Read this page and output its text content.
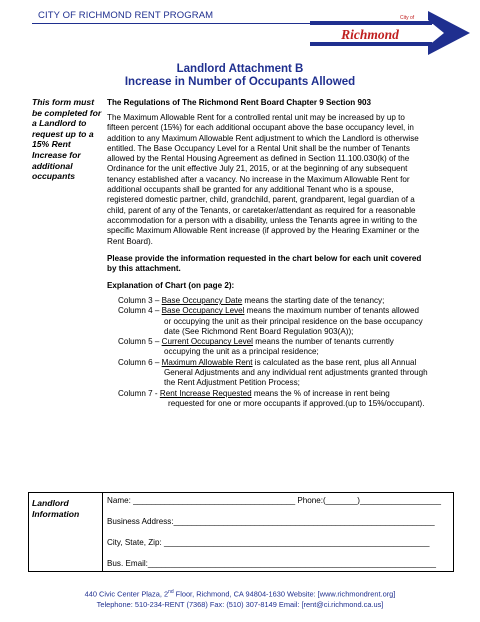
CITY OF RICHMOND RENT PROGRAM	City of
Richmond
Landlord Attachment B
Increase in Number of Occupants Allowed
This form must be completed for a Landlord to request up to a 15% Rent Increase for additional occupants
The Regulations of The Richmond Rent Board Chapter 9 Section 903
The Maximum Allowable Rent for a controlled rental unit may be increased by up to
fifteen percent (15%) for each additional occupant above the base occupancy level, in
addition to any Maximum Allowable Rent adjustment to which the Landlord is otherwise
entitled. The Base Occupancy Level for a Rental Unit shall be the number of Tenants
allowed by the Rental Housing Agreement as defined in Section 11.100.030(k) of the
Ordinance for the unit effective July 21, 2015, or at the beginning of any subsequent
tenancy established after a vacancy. No increase in the Maximum Allowable Rent for
additional occupants shall be granted for any additional Tenant who is a spouse,
registered domestic partner, child, grandchild, parent, grandparent, legal guardian of a
child, parent of any of the Tenants, or caretaker/attendant as required for a reasonable
accommodation for a person with a disability, unless the Tenants agree in writing to the
specific Maximum Allowable Rent increase (if approved by the Hearing Examiner or the
Rent Board).
Please provide the information requested in the chart below for each unit covered
by this attachment.
Explanation of Chart (on page 2):
Column 3 – Base Occupancy Date means the starting date of the tenancy;
Column 4 – Base Occupancy Level means the maximum number of tenants allowed
or occupying the unit as their principal residence on the base occupancy
date (See Richmond Rent Board Regulation 903(A));
Column 5 – Current Occupancy Level means the number of tenants currently
occupying the unit as a principal residence;
Column 6 – Maximum Allowable Rent is calculated as the base rent, plus all Annual
General Adjustments and any individual rent adjustments granted through
the Rent Adjustment Petition Process;
Column 7 - Rent Increase Requested means the % of increase in rent being
requested for one or more occupants if approved.(up to 15%/occupant).
Landlord Information
Name: ____________________________________ Phone:(_______)__________________
Business Address:__________________________________________________________
City, State, Zip: ___________________________________________________________
Bus. Email:________________________________________________________________
440 Civic Center Plaza, 2nd Floor, Richmond, CA 94804-1630 Website: [www.richmondrent.org]
Telephone: 510-234-RENT (7368) Fax: (510) 307-8149 Email: [rent@ci.richmond.ca.us]
